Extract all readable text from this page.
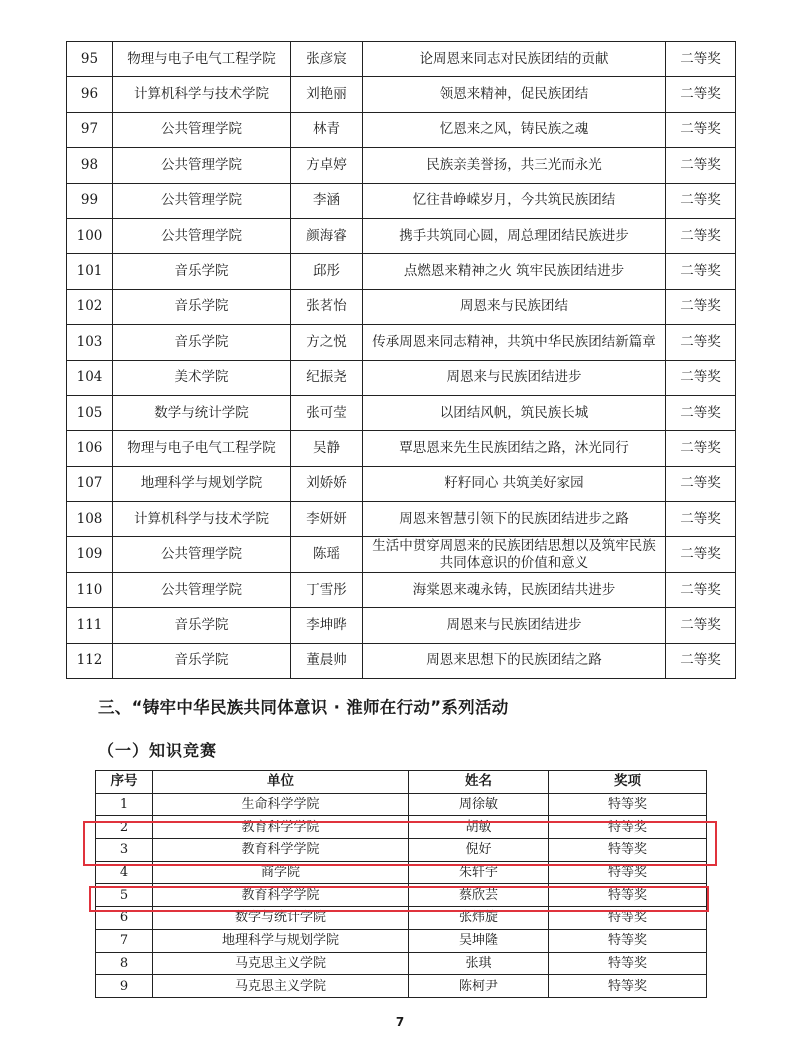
95	物理与电子电气工程学院	张彦宸	论周恩来同志对民族团结的贡献	二等奖
96	计算机科学与技术学院	刘艳丽	领恩来精神，促民族团结	二等奖
97	公共管理学院	林青	忆恩来之风，铸民族之魂	二等奖
98	公共管理学院	方卓婷	民族亲美誉扬，共三光而永光	二等奖
99	公共管理学院	李涵	忆往昔峥嵘岁月，今共筑民族团结	二等奖
100	公共管理学院	颜海睿	携手共筑同心圆，周总理团结民族进步	二等奖
101	音乐学院	邱彤	点燃恩来精神之火 筑牢民族团结进步	二等奖
102	音乐学院	张茗怡	周恩来与民族团结	二等奖
103	音乐学院	方之悦	传承周恩来同志精神，共筑中华民族团结新篇章	二等奖
104	美术学院	纪振尧	周恩来与民族团结进步	二等奖
105	数学与统计学院	张可莹	以团结风帆，筑民族长城	二等奖
106	物理与电子电气工程学院	吴静	覃思恩来先生民族团结之路，沐光同行	二等奖
107	地理科学与规划学院	刘娇娇	籽籽同心 共筑美好家园	二等奖
108	计算机科学与技术学院	李妍妍	周恩来智慧引领下的民族团结进步之路	二等奖
109	公共管理学院	陈瑶	生活中贯穿周恩来的民族团结思想以及筑牢民族共同体意识的价值和意义	二等奖
110	公共管理学院	丁雪彤	海棠恩来魂永铸，民族团结共进步	二等奖
111	音乐学院	李坤晔	周恩来与民族团结进步	二等奖
112	音乐学院	董晨帅	周恩来思想下的民族团结之路	二等奖
三、“铸牢中华民族共同体意识 · 淮师在行动”系列活动
（一）知识竞赛
序号	单位	姓名	奖项
1	生命科学学院	周徐敏	特等奖
2	教育科学学院	胡敏	特等奖
3	教育科学学院	倪好	特等奖
4	商学院	朱轩宇	特等奖
5	教育科学学院	蔡欣芸	特等奖
6	数学与统计学院	张炜旋	特等奖
7	地理科学与规划学院	吴坤隆	特等奖
8	马克思主义学院	张琪	特等奖
9	马克思主义学院	陈柯尹	特等奖
7
